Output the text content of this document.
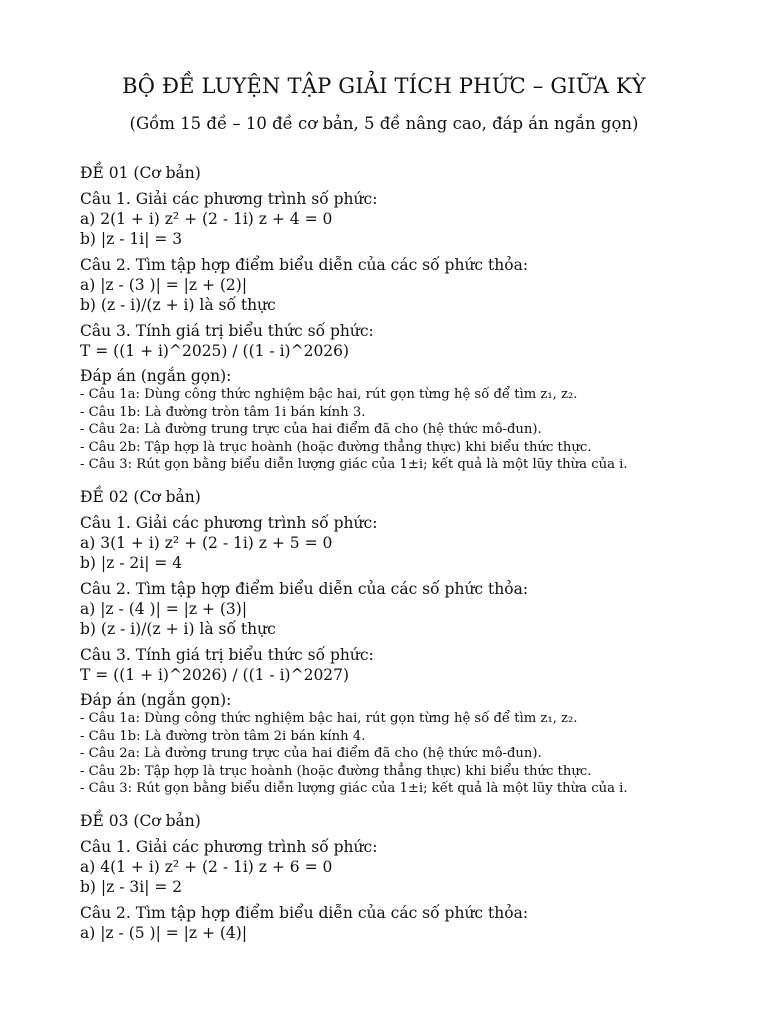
BỘ ĐỀ LUYỆN TẬP GIẢI TÍCH PHỨC – GIỮA KỲ
(Gồm 15 đề – 10 đề cơ bản, 5 đề nâng cao, đáp án ngắn gọn)
ĐỀ 01 (Cơ bản)
Câu 1. Giải các phương trình số phức:
a) 2(1 + i) z² + (2 - 1i) z + 4 = 0
b) |z - 1i| = 3
Câu 2. Tìm tập hợp điểm biểu diễn của các số phức thỏa:
a) |z - (3 )| = |z + (2)|
b) (z - i)/(z + i) là số thực
Câu 3. Tính giá trị biểu thức số phức:
T = ((1 + i)^2025) / ((1 - i)^2026)
Đáp án (ngắn gọn):
- Câu 1a: Dùng công thức nghiệm bậc hai, rút gọn từng hệ số để tìm z₁, z₂.
- Câu 1b: Là đường tròn tâm 1i bán kính 3.
- Câu 2a: Là đường trung trực của hai điểm đã cho (hệ thức mô-đun).
- Câu 2b: Tập hợp là trục hoành (hoặc đường thẳng thực) khi biểu thức thực.
- Câu 3: Rút gọn bằng biểu diễn lượng giác của 1±i; kết quả là một lũy thừa của i.
ĐỀ 02 (Cơ bản)
Câu 1. Giải các phương trình số phức:
a) 3(1 + i) z² + (2 - 1i) z + 5 = 0
b) |z - 2i| = 4
Câu 2. Tìm tập hợp điểm biểu diễn của các số phức thỏa:
a) |z - (4 )| = |z + (3)|
b) (z - i)/(z + i) là số thực
Câu 3. Tính giá trị biểu thức số phức:
T = ((1 + i)^2026) / ((1 - i)^2027)
Đáp án (ngắn gọn):
- Câu 1a: Dùng công thức nghiệm bậc hai, rút gọn từng hệ số để tìm z₁, z₂.
- Câu 1b: Là đường tròn tâm 2i bán kính 4.
- Câu 2a: Là đường trung trực của hai điểm đã cho (hệ thức mô-đun).
- Câu 2b: Tập hợp là trục hoành (hoặc đường thẳng thực) khi biểu thức thực.
- Câu 3: Rút gọn bằng biểu diễn lượng giác của 1±i; kết quả là một lũy thừa của i.
ĐỀ 03 (Cơ bản)
Câu 1. Giải các phương trình số phức:
a) 4(1 + i) z² + (2 - 1i) z + 6 = 0
b) |z - 3i| = 2
Câu 2. Tìm tập hợp điểm biểu diễn của các số phức thỏa:
a) |z - (5 )| = |z + (4)|
